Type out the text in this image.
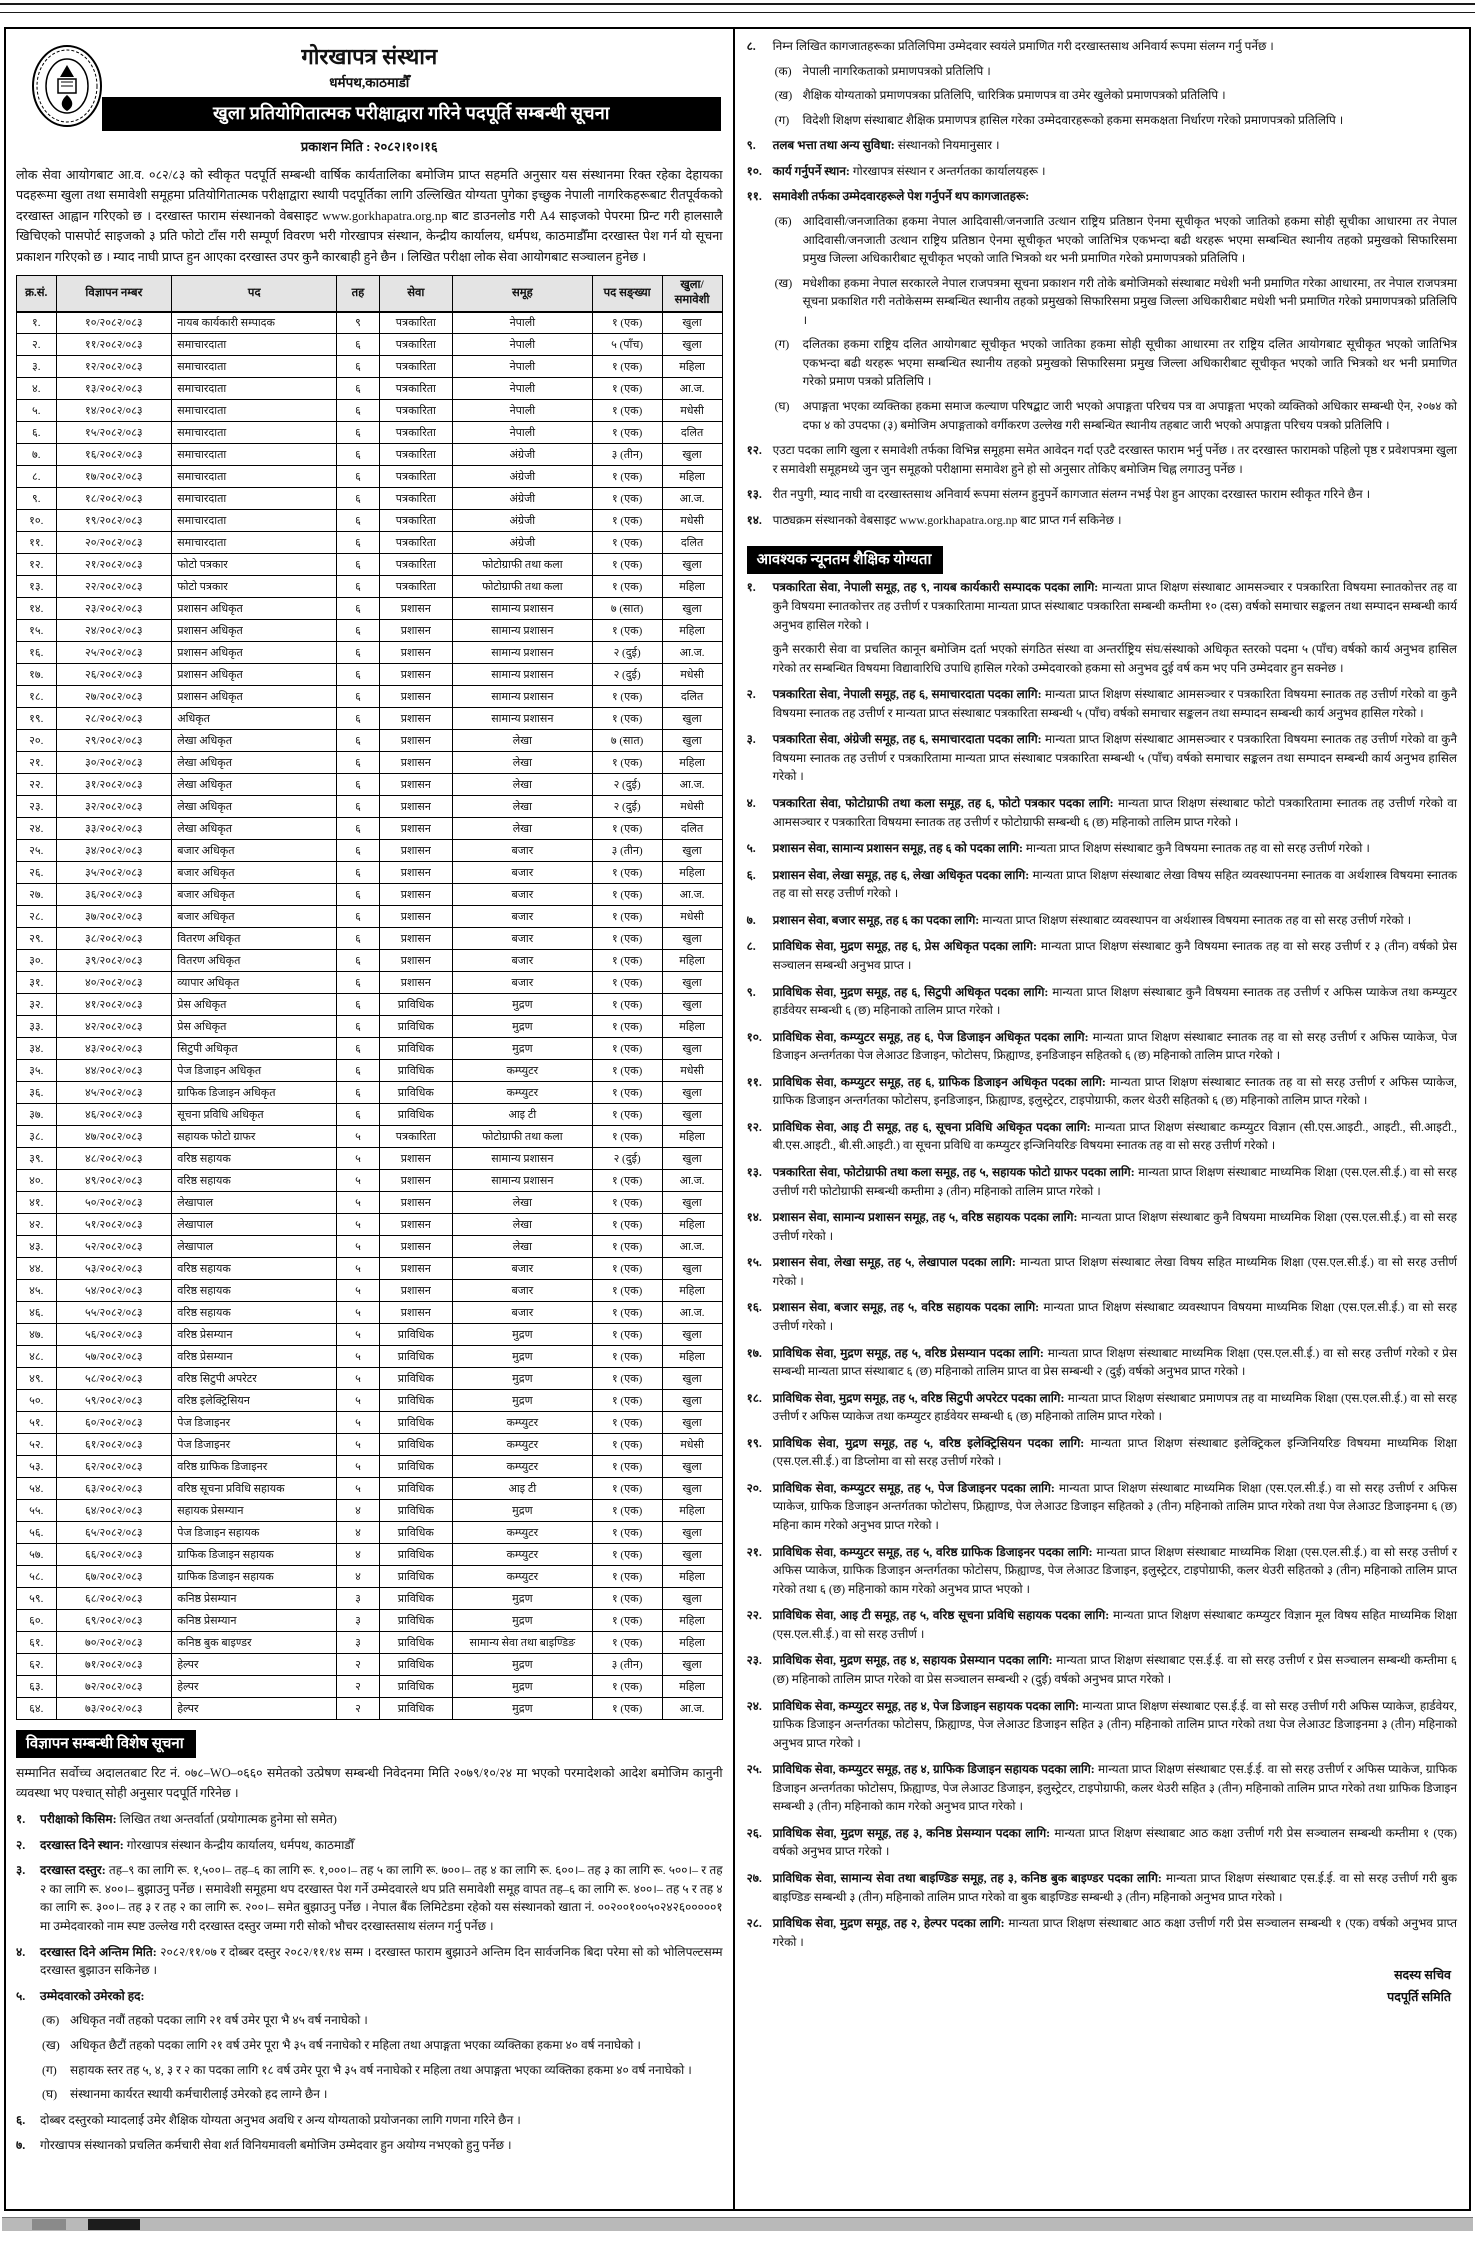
गोरखापत्र संस्थान
धर्मपथ,काठमाडौँ
खुला प्रतियोगितात्मक परीक्षाद्वारा गरिने पदपूर्ति सम्बन्धी सूचना
प्रकाशन मिति : २०८२।१०।१६

लोक सेवा आयोगबाट आ.व. ०८२/८३ को स्वीकृत पदपूर्ति सम्बन्धी वार्षिक कार्यतालिका बमोजिम प्राप्त सहमति अनुसार यस संस्थानमा रिक्त रहेका देहायका पदहरूमा खुला तथा समावेशी समूहमा प्रतियोगितात्मक परीक्षाद्वारा स्थायी पदपूर्तिका लागि उल्लिखित योग्यता पुगेका इच्छुक नेपाली नागरिकहरूबाट रीतपूर्वकको दरखास्त आह्वान गरिएको छ । दरखास्त फाराम संस्थानको वेबसाइट www.gorkhapatra.org.np बाट डाउनलोड गरी A4 साइजको पेपरमा प्रिन्ट गरी हालसालै खिचिएको पासपोर्ट साइजको ३ प्रति फोटो टाँस गरी सम्पूर्ण विवरण भरी गोरखापत्र संस्थान, केन्द्रीय कार्यालय, धर्मपथ, काठमाडौँमा दरखास्त पेश गर्न यो सूचना प्रकाशन गरिएको छ । म्याद नाघी प्राप्त हुन आएका दरखास्त उपर कुनै कारबाही हुने छैन । लिखित परीक्षा लोक सेवा आयोगबाट सञ्चालन हुनेछ ।

क्र.सं.	विज्ञापन नम्बर	पद	तह	सेवा	समूह	पद सङ्ख्या	खुला/ समावेशी
१.	१०/२०८२/०८३	नायब कार्यकारी सम्पादक	९	पत्रकारिता	नेपाली	१ (एक)	खुला
२.	११/२०८२/०८३	समाचारदाता	६	पत्रकारिता	नेपाली	५ (पाँच)	खुला
३.	१२/२०८२/०८३	समाचारदाता	६	पत्रकारिता	नेपाली	१ (एक)	महिला
४.	१३/२०८२/०८३	समाचारदाता	६	पत्रकारिता	नेपाली	१ (एक)	आ.ज.
५.	१४/२०८२/०८३	समाचारदाता	६	पत्रकारिता	नेपाली	१ (एक)	मधेसी
६.	१५/२०८२/०८३	समाचारदाता	६	पत्रकारिता	नेपाली	१ (एक)	दलित
७.	१६/२०८२/०८३	समाचारदाता	६	पत्रकारिता	अंग्रेजी	३ (तीन)	खुला
८.	१७/२०८२/०८३	समाचारदाता	६	पत्रकारिता	अंग्रेजी	१ (एक)	महिला
९.	१८/२०८२/०८३	समाचारदाता	६	पत्रकारिता	अंग्रेजी	१ (एक)	आ.ज.
१०.	१९/२०८२/०८३	समाचारदाता	६	पत्रकारिता	अंग्रेजी	१ (एक)	मधेसी
११.	२०/२०८२/०८३	समाचारदाता	६	पत्रकारिता	अंग्रेजी	१ (एक)	दलित
१२.	२१/२०८२/०८३	फोटो पत्रकार	६	पत्रकारिता	फोटोग्राफी तथा कला	१ (एक)	खुला
१३.	२२/२०८२/०८३	फोटो पत्रकार	६	पत्रकारिता	फोटोग्राफी तथा कला	१ (एक)	महिला
१४.	२३/२०८२/०८३	प्रशासन अधिकृत	६	प्रशासन	सामान्य प्रशासन	७ (सात)	खुला
१५.	२४/२०८२/०८३	प्रशासन अधिकृत	६	प्रशासन	सामान्य प्रशासन	१ (एक)	महिला
१६.	२५/२०८२/०८३	प्रशासन अधिकृत	६	प्रशासन	सामान्य प्रशासन	२ (दुई)	आ.ज.
१७.	२६/२०८२/०८३	प्रशासन अधिकृत	६	प्रशासन	सामान्य प्रशासन	२ (दुई)	मधेसी
१८.	२७/२०८२/०८३	प्रशासन अधिकृत	६	प्रशासन	सामान्य प्रशासन	१ (एक)	दलित
१९.	२८/२०८२/०८३	अधिकृत	६	प्रशासन	सामान्य प्रशासन	१ (एक)	खुला
२०.	२९/२०८२/०८३	लेखा अधिकृत	६	प्रशासन	लेखा	७ (सात)	खुला
२१.	३०/२०८२/०८३	लेखा अधिकृत	६	प्रशासन	लेखा	१ (एक)	महिला
२२.	३१/२०८२/०८३	लेखा अधिकृत	६	प्रशासन	लेखा	२ (दुई)	आ.ज.
२३.	३२/२०८२/०८३	लेखा अधिकृत	६	प्रशासन	लेखा	२ (दुई)	मधेसी
२४.	३३/२०८२/०८३	लेखा अधिकृत	६	प्रशासन	लेखा	१ (एक)	दलित
२५.	३४/२०८२/०८३	बजार अधिकृत	६	प्रशासन	बजार	३ (तीन)	खुला
२६.	३५/२०८२/०८३	बजार अधिकृत	६	प्रशासन	बजार	१ (एक)	महिला
२७.	३६/२०८२/०८३	बजार अधिकृत	६	प्रशासन	बजार	१ (एक)	आ.ज.
२८.	३७/२०८२/०८३	बजार अधिकृत	६	प्रशासन	बजार	१ (एक)	मधेसी
२९.	३८/२०८२/०८३	वितरण अधिकृत	६	प्रशासन	बजार	१ (एक)	खुला
३०.	३९/२०८२/०८३	वितरण अधिकृत	६	प्रशासन	बजार	१ (एक)	महिला
३१.	४०/२०८२/०८३	व्यापार अधिकृत	६	प्रशासन	बजार	१ (एक)	खुला
३२.	४१/२०८२/०८३	प्रेस अधिकृत	६	प्राविधिक	मुद्रण	१ (एक)	खुला
३३.	४२/२०८२/०८३	प्रेस अधिकृत	६	प्राविधिक	मुद्रण	१ (एक)	महिला
३४.	४३/२०८२/०८३	सिटुपी अधिकृत	६	प्राविधिक	मुद्रण	१ (एक)	खुला
३५.	४४/२०८२/०८३	पेज डिजाइन अधिकृत	६	प्राविधिक	कम्प्युटर	१ (एक)	मधेसी
३६.	४५/२०८२/०८३	ग्राफिक डिजाइन अधिकृत	६	प्राविधिक	कम्प्युटर	१ (एक)	खुला
३७.	४६/२०८२/०८३	सूचना प्रविधि अधिकृत	६	प्राविधिक	आइ टी	१ (एक)	खुला
३८.	४७/२०८२/०८३	सहायक फोटो ग्राफर	५	पत्रकारिता	फोटोग्राफी तथा कला	१ (एक)	महिला
३९.	४८/२०८२/०८३	वरिष्ठ सहायक	५	प्रशासन	सामान्य प्रशासन	२ (दुई)	खुला
४०.	४९/२०८२/०८३	वरिष्ठ सहायक	५	प्रशासन	सामान्य प्रशासन	१ (एक)	आ.ज.
४१.	५०/२०८२/०८३	लेखापाल	५	प्रशासन	लेखा	१ (एक)	खुला
४२.	५१/२०८२/०८३	लेखापाल	५	प्रशासन	लेखा	१ (एक)	महिला
४३.	५२/२०८२/०८३	लेखापाल	५	प्रशासन	लेखा	१ (एक)	आ.ज.
४४.	५३/२०८२/०८३	वरिष्ठ सहायक	५	प्रशासन	बजार	१ (एक)	खुला
४५.	५४/२०८२/०८३	वरिष्ठ सहायक	५	प्रशासन	बजार	१ (एक)	महिला
४६.	५५/२०८२/०८३	वरिष्ठ सहायक	५	प्रशासन	बजार	१ (एक)	आ.ज.
४७.	५६/२०८२/०८३	वरिष्ठ प्रेसम्यान	५	प्राविधिक	मुद्रण	१ (एक)	खुला
४८.	५७/२०८२/०८३	वरिष्ठ प्रेसम्यान	५	प्राविधिक	मुद्रण	१ (एक)	महिला
४९.	५८/२०८२/०८३	वरिष्ठ सिटुपी अपरेटर	५	प्राविधिक	मुद्रण	१ (एक)	खुला
५०.	५९/२०८२/०८३	वरिष्ठ इलेक्ट्रिसियन	५	प्राविधिक	मुद्रण	१ (एक)	खुला
५१.	६०/२०८२/०८३	पेज डिजाइनर	५	प्राविधिक	कम्प्युटर	१ (एक)	खुला
५२.	६१/२०८२/०८३	पेज डिजाइनर	५	प्राविधिक	कम्प्युटर	१ (एक)	मधेसी
५३.	६२/२०८२/०८३	वरिष्ठ ग्राफिक डिजाइनर	५	प्राविधिक	कम्प्युटर	१ (एक)	खुला
५४.	६३/२०८२/०८३	वरिष्ठ सूचना प्रविधि सहायक	५	प्राविधिक	आइ टी	१ (एक)	खुला
५५.	६४/२०८२/०८३	सहायक प्रेसम्यान	४	प्राविधिक	मुद्रण	१ (एक)	महिला
५६.	६५/२०८२/०८३	पेज डिजाइन सहायक	४	प्राविधिक	कम्प्युटर	१ (एक)	खुला
५७.	६६/२०८२/०८३	ग्राफिक डिजाइन सहायक	४	प्राविधिक	कम्प्युटर	१ (एक)	खुला
५८.	६७/२०८२/०८३	ग्राफिक डिजाइन सहायक	४	प्राविधिक	कम्प्युटर	१ (एक)	महिला
५९.	६८/२०८२/०८३	कनिष्ठ प्रेसम्यान	३	प्राविधिक	मुद्रण	१ (एक)	खुला
६०.	६९/२०८२/०८३	कनिष्ठ प्रेसम्यान	३	प्राविधिक	मुद्रण	१ (एक)	महिला
६१.	७०/२०८२/०८३	कनिष्ठ बुक बाइण्डर	३	प्राविधिक	सामान्य सेवा तथा बाइण्डिङ	१ (एक)	महिला
६२.	७१/२०८२/०८३	हेल्पर	२	प्राविधिक	मुद्रण	३ (तीन)	खुला
६३.	७२/२०८२/०८३	हेल्पर	२	प्राविधिक	मुद्रण	१ (एक)	महिला
६४.	७३/२०८२/०८३	हेल्पर	२	प्राविधिक	मुद्रण	१ (एक)	आ.ज.
विज्ञापन सम्बन्धी विशेष सूचना

सम्मानित सर्वोच्च अदालतबाट रिट नं. ०७८–WO–०६६० समेतको उत्प्रेषण सम्बन्धी निवेदनमा मिति २०७९/१०/२४ मा भएको परमादेशको आदेश बमोजिम कानुनी व्यवस्था भए पश्चात् सोही अनुसार पदपूर्ति गरिनेछ ।

१.	परीक्षाको किसिम: लिखित तथा अन्तर्वार्ता (प्रयोगात्मक हुनेमा सो समेत)

२.	दरखास्त दिने स्थान: गोरखापत्र संस्थान केन्द्रीय कार्यालय, धर्मपथ, काठमाडौँ

३.	दरखास्त दस्तुर: तह–९ का लागि रू. १,५००।– तह–६ का लागि रू. १,०००।– तह ५ का लागि रू. ७००।– तह ४ का लागि रू. ६००।– तह ३ का लागि रू. ५००।– र तह २ का लागि रू. ४००।– बुझाउनु पर्नेछ । समावेशी समूहमा थप दरखास्त पेश गर्ने उम्मेदवारले थप प्रति समावेशी समूह वापत तह–६ का लागि रू. ४००।– तह ५ र तह ४ का लागि रू. ३००।– तह ३ र तह २ का लागि रू. २००।– समेत बुझाउनु पर्नेछ । नेपाल बैंक लिमिटेडमा रहेको यस संस्थानको खाता नं. ००२००१००५०२४२६०००००१ मा उम्मेदवारको नाम स्पष्ट उल्लेख गरी दरखास्त दस्तुर जम्मा गरी सोको भौचर दरखास्तसाथ संलग्न गर्नु पर्नेछ ।

४.	दरखास्त दिने अन्तिम मिति: २०८२/११/०७ र दोब्बर दस्तुर २०८२/११/१४ सम्म । दरखास्त फाराम बुझाउने अन्तिम दिन सार्वजनिक बिदा परेमा सो को भोलिपल्टसम्म दरखास्त बुझाउन सकिनेछ ।

५.	उम्मेदवारको उमेरको हद:

(क) अधिकृत नवौं तहको पदका लागि २१ वर्ष उमेर पूरा भै ४५ वर्ष ननाघेको ।
(ख) अधिकृत छैटौं तहको पदका लागि २१ वर्ष उमेर पूरा भै ३५ वर्ष ननाघेको र महिला तथा अपाङ्गता भएका व्यक्तिका हकमा ४० वर्ष ननाघेको ।
(ग)	सहायक स्तर तह ५, ४, ३ र २ का पदका लागि १८ वर्ष उमेर पूरा भै ३५ वर्ष ननाघेको र महिला तथा अपाङ्गता भएका व्यक्तिका हकमा ४० वर्ष ननाघेको ।
(घ)	संस्थानमा कार्यरत स्थायी कर्मचारीलाई उमेरको हद लाग्ने छैन ।
६.	दोब्बर दस्तुरको म्यादलाई उमेर शैक्षिक योग्यता अनुभव अवधि र अन्य योग्यताको प्रयोजनका लागि गणना गरिने छैन ।

७.	गोरखापत्र संस्थानको प्रचलित कर्मचारी सेवा शर्त विनियमावली बमोजिम उम्मेदवार हुन अयोग्य नभएको हुनु पर्नेछ ।

८.	निम्न लिखित कागजातहरूका प्रतिलिपिमा उम्मेदवार स्वयंले प्रमाणित गरी दरखास्तसाथ अनिवार्य रूपमा संलग्न गर्नु पर्नेछ ।

(क) नेपाली नागरिकताको प्रमाणपत्रको प्रतिलिपि ।
(ख) शैक्षिक योग्यताको प्रमाणपत्रका प्रतिलिपि, चारित्रिक प्रमाणपत्र वा उमेर खुलेको प्रमाणपत्रको प्रतिलिपि ।
(ग)	विदेशी शिक्षण संस्थाबाट शैक्षिक प्रमाणपत्र हासिल गरेका उम्मेदवारहरूको हकमा समकक्षता निर्धारण गरेको प्रमाणपत्रको प्रतिलिपि ।
९.	तलब भत्ता तथा अन्य सुविधा: संस्थानको नियमानुसार ।

१०. कार्य गर्नुपर्ने स्थान: गोरखापत्र संस्थान र अन्तर्गतका कार्यालयहरू ।

११. समावेशी तर्फका उम्मेदवारहरूले पेश गर्नुपर्ने थप कागजातहरू:

(क) आदिवासी/जनजातिका हकमा नेपाल आदिवासी/जनजाति उत्थान राष्ट्रिय प्रतिष्ठान ऐनमा सूचीकृत भएको जातिको हकमा सोही सूचीका आधारमा तर नेपाल आदिवासी/जनजाती उत्थान राष्ट्रिय प्रतिष्ठान ऐनमा सूचीकृत भएको जातिभित्र एकभन्दा बढी थरहरू भएमा सम्बन्धित स्थानीय तहको प्रमुखको सिफारिसमा प्रमुख जिल्ला अधिकारीबाट सूचीकृत भएको जाति भित्रको थर भनी प्रमाणित गरेको प्रमाणपत्रको प्रतिलिपि ।
(ख) मधेशीका हकमा नेपाल सरकारले नेपाल राजपत्रमा सूचना प्रकाशन गरी तोके बमोजिमको संस्थाबाट मधेशी भनी प्रमाणित गरेका आधारमा, तर नेपाल राजपत्रमा सूचना प्रकाशित गरी नतोकेसम्म सम्बन्धित स्थानीय तहको प्रमुखको सिफारिसमा प्रमुख जिल्ला अधिकारीबाट मधेशी भनी प्रमाणित गरेको प्रमाणपत्रको प्रतिलिपि ।
(ग)	दलितका हकमा राष्ट्रिय दलित आयोगबाट सूचीकृत भएको जातिका हकमा सोही सूचीका आधारमा तर राष्ट्रिय दलित आयोगबाट सूचीकृत भएको जातिभित्र एकभन्दा बढी थरहरू भएमा सम्बन्धित स्थानीय तहको प्रमुखको सिफारिसमा प्रमुख जिल्ला अधिकारीबाट सूचीकृत भएको जाति भित्रको थर भनी प्रमाणित गरेको प्रमाण पत्रको प्रतिलिपि ।
(घ)	अपाङ्गता भएका व्यक्तिका हकमा समाज कल्याण परिषद्बाट जारी भएको अपाङ्गता परिचय पत्र वा अपाङ्गता भएको व्यक्तिको अधिकार सम्बन्धी ऐन, २०७४ को दफा ४ को उपदफा (३) बमोजिम अपाङ्गताको वर्गीकरण उल्लेख गरी सम्बन्धित स्थानीय तहबाट जारी भएको अपाङ्गता परिचय पत्रको प्रतिलिपि ।
१२. एउटा पदका लागि खुला र समावेशी तर्फका विभिन्न समूहमा समेत आवेदन गर्दा एउटै दरखास्त फाराम भर्नु पर्नेछ । तर दरखास्त फारामको पहिलो पृष्ठ र प्रवेशपत्रमा खुला र समावेशी समूहमध्ये जुन जुन समूहको परीक्षामा समावेश हुने हो सो अनुसार तोकिए बमोजिम चिह्न लगाउनु पर्नेछ ।

१३. रीत नपुगी, म्याद नाघी वा दरखास्तसाथ अनिवार्य रूपमा संलग्न हुनुपर्ने कागजात संलग्न नभई पेश हुन आएका दरखास्त फाराम स्वीकृत गरिने छैन ।

१४. पाठ्यक्रम संस्थानको वेबसाइट www.gorkhapatra.org.np बाट प्राप्त गर्न सकिनेछ ।

आवश्यक न्यूनतम शैक्षिक योग्यता
१.	पत्रकारिता सेवा, नेपाली समूह, तह ९, नायब कार्यकारी सम्पादक पदका लागि: मान्यता प्राप्त शिक्षण संस्थाबाट आमसञ्चार र पत्रकारिता विषयमा स्नातकोत्तर तह वा कुनै विषयमा स्नातकोत्तर तह उत्तीर्ण र पत्रकारितामा मान्यता प्राप्त संस्थाबाट पत्रकारिता सम्बन्धी कम्तीमा १० (दस) वर्षको समाचार सङ्कलन तथा सम्पादन सम्बन्धी कार्य अनुभव हासिल गरेको ।

कुनै सरकारी सेवा वा प्रचलित कानून बमोजिम दर्ता भएको संगठित संस्था वा अन्तर्राष्ट्रिय संघ/संस्थाको अधिकृत स्तरको पदमा ५ (पाँच) वर्षको कार्य अनुभव हासिल गरेको तर सम्बन्धित विषयमा विद्यावारिधि उपाधि हासिल गरेको उम्मेदवारको हकमा सो अनुभव दुई वर्ष कम भए पनि उम्मेदवार हुन सक्नेछ ।

२.	पत्रकारिता सेवा, नेपाली समूह, तह ६, समाचारदाता पदका लागि: मान्यता प्राप्त शिक्षण संस्थाबाट आमसञ्चार र पत्रकारिता विषयमा स्नातक तह उत्तीर्ण गरेको वा कुनै विषयमा स्नातक तह उत्तीर्ण र मान्यता प्राप्त संस्थाबाट पत्रकारिता सम्बन्धी ५ (पाँच) वर्षको समाचार सङ्कलन तथा सम्पादन सम्बन्धी कार्य अनुभव हासिल गरेको ।

३.	पत्रकारिता सेवा, अंग्रेजी समूह, तह ६, समाचारदाता पदका लागि: मान्यता प्राप्त शिक्षण संस्थाबाट आमसञ्चार र पत्रकारिता विषयमा स्नातक तह उत्तीर्ण गरेको वा कुनै विषयमा स्नातक तह उत्तीर्ण र पत्रकारितामा मान्यता प्राप्त संस्थाबाट पत्रकारिता सम्बन्धी ५ (पाँच) वर्षको समाचार सङ्कलन तथा सम्पादन सम्बन्धी कार्य अनुभव हासिल गरेको ।

४.	पत्रकारिता सेवा, फोटोग्राफी तथा कला समूह, तह ६, फोटो पत्रकार पदका लागि: मान्यता प्राप्त शिक्षण संस्थाबाट फोटो पत्रकारितामा स्नातक तह उत्तीर्ण गरेको वा आमसञ्चार र पत्रकारिता विषयमा स्नातक तह उत्तीर्ण र फोटोग्राफी सम्बन्धी ६ (छ) महिनाको तालिम प्राप्त गरेको ।

५.	प्रशासन सेवा, सामान्य प्रशासन समूह, तह ६ को पदका लागि: मान्यता प्राप्त शिक्षण संस्थाबाट कुनै विषयमा स्नातक तह वा सो सरह उत्तीर्ण गरेको ।

६.	प्रशासन सेवा, लेखा समूह, तह ६, लेखा अधिकृत पदका लागि: मान्यता प्राप्त शिक्षण संस्थाबाट लेखा विषय सहित व्यवस्थापनमा स्नातक वा अर्थशास्त्र विषयमा स्नातक तह वा सो सरह उत्तीर्ण गरेको ।

७.	प्रशासन सेवा, बजार समूह, तह ६ का पदका लागि: मान्यता प्राप्त शिक्षण संस्थाबाट व्यवस्थापन वा अर्थशास्त्र विषयमा स्नातक तह वा सो सरह उत्तीर्ण गरेको ।

८.	प्राविधिक सेवा, मुद्रण समूह, तह ६, प्रेस अधिकृत पदका लागि: मान्यता प्राप्त शिक्षण संस्थाबाट कुनै विषयमा स्नातक तह वा सो सरह उत्तीर्ण र ३ (तीन) वर्षको प्रेस सञ्चालन सम्बन्धी अनुभव प्राप्त ।

९.	प्राविधिक सेवा, मुद्रण समूह, तह ६, सिटुपी अधिकृत पदका लागि: मान्यता प्राप्त शिक्षण संस्थाबाट कुनै विषयमा स्नातक तह उत्तीर्ण र अफिस प्याकेज तथा कम्प्युटर हार्डवेयर सम्बन्धी ६ (छ) महिनाको तालिम प्राप्त गरेको ।

१०. प्राविधिक सेवा, कम्प्युटर समूह, तह ६, पेज डिजाइन अधिकृत पदका लागि: मान्यता प्राप्त शिक्षण संस्थाबाट स्नातक तह वा सो सरह उत्तीर्ण र अफिस प्याकेज, पेज डिजाइन अन्तर्गतका पेज लेआउट डिजाइन, फोटोसप, फ्रिह्याण्ड, इनडिजाइन सहितको ६ (छ) महिनाको तालिम प्राप्त गरेको ।

११. प्राविधिक सेवा, कम्प्युटर समूह, तह ६, ग्राफिक डिजाइन अधिकृत पदका लागि: मान्यता प्राप्त शिक्षण संस्थाबाट स्नातक तह वा सो सरह उत्तीर्ण र अफिस प्याकेज, ग्राफिक डिजाइन अन्तर्गतका फोटोसप, इनडिजाइन, फ्रिह्याण्ड, इलुस्ट्रेटर, टाइपोग्राफी, कलर थेउरी सहितको ६ (छ) महिनाको तालिम प्राप्त गरेको ।

१२. प्राविधिक सेवा, आइ टी समूह, तह ६, सूचना प्रविधि अधिकृत पदका लागि: मान्यता प्राप्त शिक्षण संस्थाबाट कम्प्युटर विज्ञान (सी.एस.आइटी., आइटी., सी.आइटी., बी.एस.आइटी., बी.सी.आइटी.) वा सूचना प्रविधि वा कम्प्युटर इन्जिनियरिङ विषयमा स्नातक तह वा सो सरह उत्तीर्ण गरेको ।

१३. पत्रकारिता सेवा, फोटोग्राफी तथा कला समूह, तह ५, सहायक फोटो ग्राफर पदका लागि: मान्यता प्राप्त शिक्षण संस्थाबाट माध्यमिक शिक्षा (एस.एल.सी.ई.) वा सो सरह उत्तीर्ण गरी फोटोग्राफी सम्बन्धी कम्तीमा ३ (तीन) महिनाको तालिम प्राप्त गरेको ।

१४. प्रशासन सेवा, सामान्य प्रशासन समूह, तह ५, वरिष्ठ सहायक पदका लागि: मान्यता प्राप्त शिक्षण संस्थाबाट कुनै विषयमा माध्यमिक शिक्षा (एस.एल.सी.ई.) वा सो सरह उत्तीर्ण गरेको ।

१५. प्रशासन सेवा, लेखा समूह, तह ५, लेखापाल पदका लागि: मान्यता प्राप्त शिक्षण संस्थाबाट लेखा विषय सहित माध्यमिक शिक्षा (एस.एल.सी.ई.) वा सो सरह उत्तीर्ण गरेको ।

१६. प्रशासन सेवा, बजार समूह, तह ५, वरिष्ठ सहायक पदका लागि: मान्यता प्राप्त शिक्षण संस्थाबाट व्यवस्थापन विषयमा माध्यमिक शिक्षा (एस.एल.सी.ई.) वा सो सरह उत्तीर्ण गरेको ।

१७. प्राविधिक सेवा, मुद्रण समूह, तह ५, वरिष्ठ प्रेसम्यान पदका लागि: मान्यता प्राप्त शिक्षण संस्थाबाट माध्यमिक शिक्षा (एस.एल.सी.ई.) वा सो सरह उत्तीर्ण गरेको र प्रेस सम्बन्धी मान्यता प्राप्त संस्थाबाट ६ (छ) महिनाको तालिम प्राप्त वा प्रेस सम्बन्धी २ (दुई) वर्षको अनुभव प्राप्त गरेको ।

१८. प्राविधिक सेवा, मुद्रण समूह, तह ५, वरिष्ठ सिटुपी अपरेटर पदका लागि: मान्यता प्राप्त शिक्षण संस्थाबाट प्रमाणपत्र तह वा माध्यमिक शिक्षा (एस.एल.सी.ई.) वा सो सरह उत्तीर्ण र अफिस प्याकेज तथा कम्प्युटर हार्डवेयर सम्बन्धी ६ (छ) महिनाको तालिम प्राप्त गरेको ।

१९. प्राविधिक सेवा, मुद्रण समूह, तह ५, वरिष्ठ इलेक्ट्रिसियन पदका लागि: मान्यता प्राप्त शिक्षण संस्थाबाट इलेक्ट्रिकल इन्जिनियरिङ विषयमा माध्यमिक शिक्षा (एस.एल.सी.ई.) वा डिप्लोमा वा सो सरह उत्तीर्ण गरेको ।

२०. प्राविधिक सेवा, कम्प्युटर समूह, तह ५, पेज डिजाइनर पदका लागि: मान्यता प्राप्त शिक्षण संस्थाबाट माध्यमिक शिक्षा (एस.एल.सी.ई.) वा सो सरह उत्तीर्ण र अफिस प्याकेज, ग्राफिक डिजाइन अन्तर्गतका फोटोसप, फ्रिह्याण्ड, पेज लेआउट डिजाइन सहितको ३ (तीन) महिनाको तालिम प्राप्त गरेको तथा पेज लेआउट डिजाइनमा ६ (छ) महिना काम गरेको अनुभव प्राप्त गरेको ।

२१. प्राविधिक सेवा, कम्प्युटर समूह, तह ५, वरिष्ठ ग्राफिक डिजाइनर पदका लागि: मान्यता प्राप्त शिक्षण संस्थाबाट माध्यमिक शिक्षा (एस.एल.सी.ई.) वा सो सरह उत्तीर्ण र अफिस प्याकेज, ग्राफिक डिजाइन अन्तर्गतका फोटोसप, फ्रिह्याण्ड, पेज लेआउट डिजाइन, इलुस्ट्रेटर, टाइपोग्राफी, कलर थेउरी सहितको ३ (तीन) महिनाको तालिम प्राप्त गरेको तथा ६ (छ) महिनाको काम गरेको अनुभव प्राप्त भएको ।

२२. प्राविधिक सेवा, आइ टी समूह, तह ५, वरिष्ठ सूचना प्रविधि सहायक पदका लागि: मान्यता प्राप्त शिक्षण संस्थाबाट कम्प्युटर विज्ञान मूल विषय सहित माध्यमिक शिक्षा (एस.एल.सी.ई.) वा सो सरह उत्तीर्ण ।

२३. प्राविधिक सेवा, मुद्रण समूह, तह ४, सहायक प्रेसम्यान पदका लागि: मान्यता प्राप्त शिक्षण संस्थाबाट एस.ई.ई. वा सो सरह उत्तीर्ण र प्रेस सञ्चालन सम्बन्धी कम्तीमा ६ (छ) महिनाको तालिम प्राप्त गरेको वा प्रेस सञ्चालन सम्बन्धी २ (दुई) वर्षको अनुभव प्राप्त गरेको ।

२४. प्राविधिक सेवा, कम्प्युटर समूह, तह ४, पेज डिजाइन सहायक पदका लागि: मान्यता प्राप्त शिक्षण संस्थाबाट एस.ई.ई. वा सो सरह उत्तीर्ण गरी अफिस प्याकेज, हार्डवेयर, ग्राफिक डिजाइन अन्तर्गतका फोटोसप, फ्रिह्याण्ड, पेज लेआउट डिजाइन सहित ३ (तीन) महिनाको तालिम प्राप्त गरेको तथा पेज लेआउट डिजाइनमा ३ (तीन) महिनाको अनुभव प्राप्त गरेको ।

२५. प्राविधिक सेवा, कम्प्युटर समूह, तह ४, ग्राफिक डिजाइन सहायक पदका लागि: मान्यता प्राप्त शिक्षण संस्थाबाट एस.ई.ई. वा सो सरह उत्तीर्ण र अफिस प्याकेज, ग्राफिक डिजाइन अन्तर्गतका फोटोसप, फ्रिह्याण्ड, पेज लेआउट डिजाइन, इलुस्ट्रेटर, टाइपोग्राफी, कलर थेउरी सहित ३ (तीन) महिनाको तालिम प्राप्त गरेको तथा ग्राफिक डिजाइन सम्बन्धी ३ (तीन) महिनाको काम गरेको अनुभव प्राप्त गरेको ।

२६. प्राविधिक सेवा, मुद्रण समूह, तह ३, कनिष्ठ प्रेसम्यान पदका लागि: मान्यता प्राप्त शिक्षण संस्थाबाट आठ कक्षा उत्तीर्ण गरी प्रेस सञ्चालन सम्बन्धी कम्तीमा १ (एक) वर्षको अनुभव प्राप्त गरेको ।

२७. प्राविधिक सेवा, सामान्य सेवा तथा बाइण्डिङ समूह, तह ३, कनिष्ठ बुक बाइण्डर पदका लागि: मान्यता प्राप्त शिक्षण संस्थाबाट एस.ई.ई. वा सो सरह उत्तीर्ण गरी बुक बाइण्डिङ सम्बन्धी ३ (तीन) महिनाको तालिम प्राप्त गरेको वा बुक बाइण्डिङ सम्बन्धी ३ (तीन) महिनाको अनुभव प्राप्त गरेको ।

२८. प्राविधिक सेवा, मुद्रण समूह, तह २, हेल्पर पदका लागि: मान्यता प्राप्त शिक्षण संस्थाबाट आठ कक्षा उत्तीर्ण गरी प्रेस सञ्चालन सम्बन्धी १ (एक) वर्षको अनुभव प्राप्त गरेको ।

सदस्य सचिव
पदपूर्ति समिति
